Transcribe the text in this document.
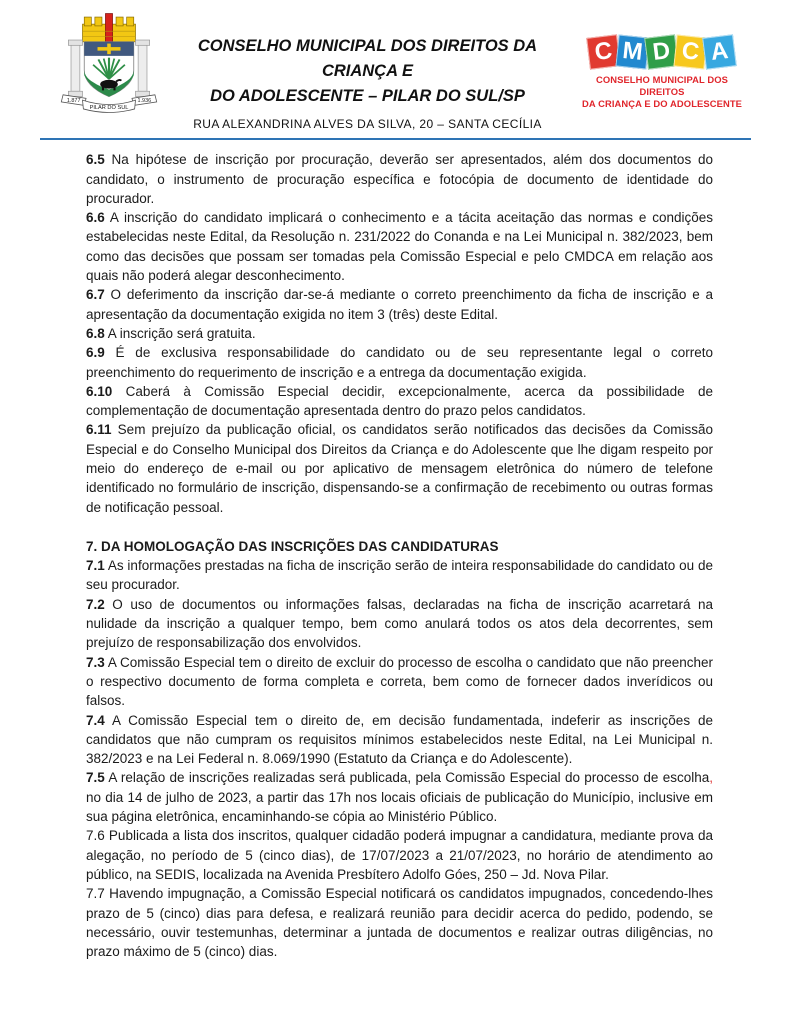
1.877	1.936
PILAR DO SUL
CONSELHO MUNICIPAL DOS DIREITOS DA CRIANÇA E
DO ADOLESCENTE – PILAR DO SUL/SP
RUA ALEXANDRINA ALVES DA SILVA, 20 – SANTA CECÍLIA
C M D C A
CONSELHO MUNICIPAL DOS DIREITOS
DA CRIANÇA E DO ADOLESCENTE

6.5 Na hipótese de inscrição por procuração, deverão ser apresentados, além dos documentos do candidato, o instrumento de procuração específica e fotocópia de documento de identidade do procurador.

6.6 A inscrição do candidato implicará o conhecimento e a tácita aceitação das normas e condições estabelecidas neste Edital, da Resolução n. 231/2022 do Conanda e na Lei Municipal n. 382/2023, bem como das decisões que possam ser tomadas pela Comissão Especial e pelo CMDCA em relação aos quais não poderá alegar desconhecimento.

6.7 O deferimento da inscrição dar-se-á mediante o correto preenchimento da ficha de inscrição e a apresentação da documentação exigida no item 3 (três) deste Edital.

6.8 A inscrição será gratuita.

6.9 É de exclusiva responsabilidade do candidato ou de seu representante legal o correto preenchimento do requerimento de inscrição e a entrega da documentação exigida.

6.10 Caberá à Comissão Especial decidir, excepcionalmente, acerca da possibilidade de complementação de documentação apresentada dentro do prazo pelos candidatos.

6.11 Sem prejuízo da publicação oficial, os candidatos serão notificados das decisões da Comissão Especial e do Conselho Municipal dos Direitos da Criança e do Adolescente que lhe digam respeito por meio do endereço de e-mail ou por aplicativo de mensagem eletrônica do número de telefone identificado no formulário de inscrição, dispensando-se a confirmação de recebimento ou outras formas de notificação pessoal.

7. DA HOMOLOGAÇÃO DAS INSCRIÇÕES DAS CANDIDATURAS

7.1 As informações prestadas na ficha de inscrição serão de inteira responsabilidade do candidato ou de seu procurador.

7.2 O uso de documentos ou informações falsas, declaradas na ficha de inscrição acarretará na nulidade da inscrição a qualquer tempo, bem como anulará todos os atos dela decorrentes, sem prejuízo de responsabilização dos envolvidos.

7.3 A Comissão Especial tem o direito de excluir do processo de escolha o candidato que não preencher o respectivo documento de forma completa e correta, bem como de fornecer dados inverídicos ou falsos.

7.4 A Comissão Especial tem o direito de, em decisão fundamentada, indeferir as inscrições de candidatos que não cumpram os requisitos mínimos estabelecidos neste Edital, na Lei Municipal n. 382/2023 e na Lei Federal n. 8.069/1990 (Estatuto da Criança e do Adolescente).

7.5 A relação de inscrições realizadas será publicada, pela Comissão Especial do processo de escolha, no dia 14 de julho de 2023, a partir das 17h nos locais oficiais de publicação do Município, inclusive em sua página eletrônica, encaminhando-se cópia ao Ministério Público.

7.6 Publicada a lista dos inscritos, qualquer cidadão poderá impugnar a candidatura, mediante prova da alegação, no período de 5 (cinco dias), de 17/07/2023 a 21/07/2023, no horário de atendimento ao público, na SEDIS, localizada na Avenida Presbítero Adolfo Góes, 250 – Jd. Nova Pilar.

7.7 Havendo impugnação, a Comissão Especial notificará os candidatos impugnados, concedendo-lhes prazo de 5 (cinco) dias para defesa, e realizará reunião para decidir acerca do pedido, podendo, se necessário, ouvir testemunhas, determinar a juntada de documentos e realizar outras diligências, no prazo máximo de 5 (cinco) dias.
